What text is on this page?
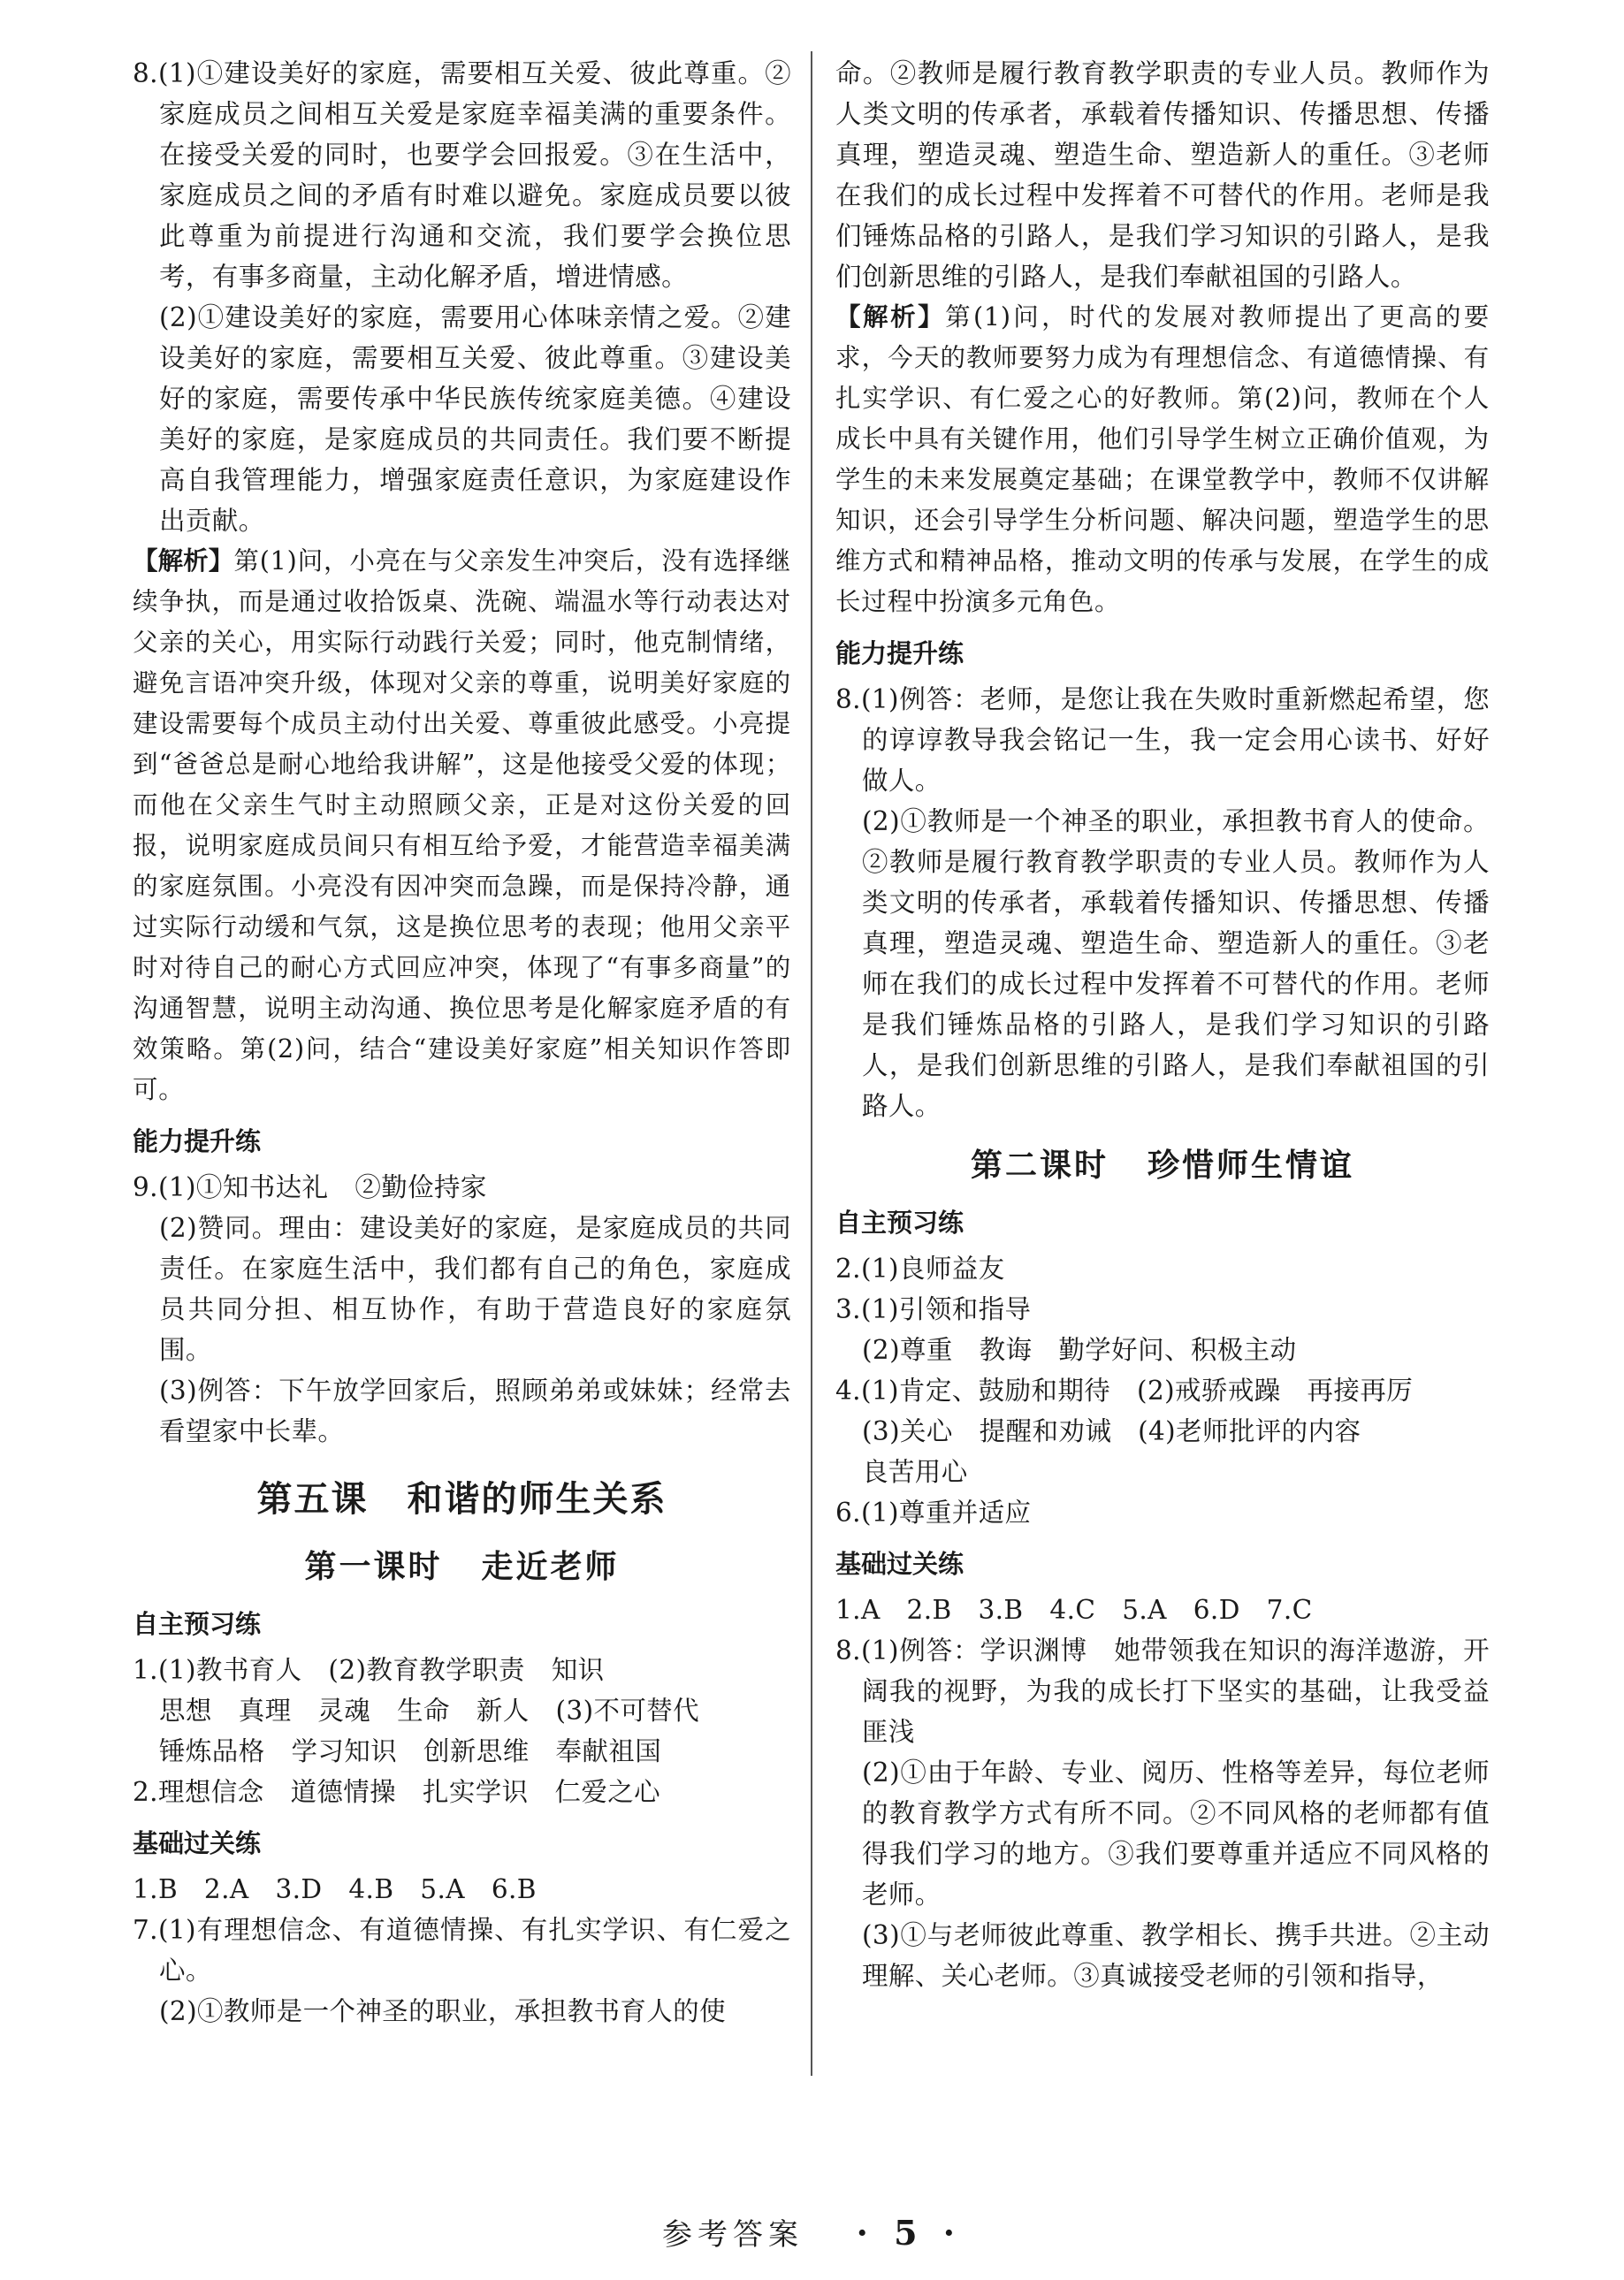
8.(1)①建设美好的家庭，需要相互关爱、彼此尊重。②家庭成员之间相互关爱是家庭幸福美满的重要条件。在接受关爱的同时，也要学会回报爱。③在生活中，家庭成员之间的矛盾有时难以避免。家庭成员要以彼此尊重为前提进行沟通和交流，我们要学会换位思考，有事多商量，主动化解矛盾，增进情感。

(2)①建设美好的家庭，需要用心体味亲情之爱。②建设美好的家庭，需要相互关爱、彼此尊重。③建设美好的家庭，需要传承中华民族传统家庭美德。④建设美好的家庭，是家庭成员的共同责任。我们要不断提高自我管理能力，增强家庭责任意识，为家庭建设作出贡献。

【解析】第(1)问，小亮在与父亲发生冲突后，没有选择继续争执，而是通过收拾饭桌、洗碗、端温水等行动表达对父亲的关心，用实际行动践行关爱；同时，他克制情绪，避免言语冲突升级，体现对父亲的尊重，说明美好家庭的建设需要每个成员主动付出关爱、尊重彼此感受。小亮提到“爸爸总是耐心地给我讲解”，这是他接受父爱的体现；而他在父亲生气时主动照顾父亲，正是对这份关爱的回报，说明家庭成员间只有相互给予爱，才能营造幸福美满的家庭氛围。小亮没有因冲突而急躁，而是保持冷静，通过实际行动缓和气氛，这是换位思考的表现；他用父亲平时对待自己的耐心方式回应冲突，体现了“有事多商量”的沟通智慧，说明主动沟通、换位思考是化解家庭矛盾的有效策略。第(2)问，结合“建设美好家庭”相关知识作答即可。

能力提升练

9.(1)①知书达礼　②勤俭持家

(2)赞同。理由：建设美好的家庭，是家庭成员的共同责任。在家庭生活中，我们都有自己的角色，家庭成员共同分担、相互协作，有助于营造良好的家庭氛围。

(3)例答：下午放学回家后，照顾弟弟或妹妹；经常去看望家中长辈。

第五课 和谐的师生关系
第一课时 走近老师
自主预习练

1.(1)教书育人　(2)教育教学职责　知识

思想　真理　灵魂　生命　新人　(3)不可替代

锤炼品格　学习知识　创新思维　奉献祖国

2.理想信念　道德情操　扎实学识　仁爱之心

基础过关练

1.B　2.A　3.D　4.B　5.A　6.B

7.(1)有理想信念、有道德情操、有扎实学识、有仁爱之心。

(2)①教师是一个神圣的职业，承担教书育人的使

命。②教师是履行教育教学职责的专业人员。教师作为人类文明的传承者，承载着传播知识、传播思想、传播真理，塑造灵魂、塑造生命、塑造新人的重任。③老师在我们的成长过程中发挥着不可替代的作用。老师是我们锤炼品格的引路人，是我们学习知识的引路人，是我们创新思维的引路人，是我们奉献祖国的引路人。

【解析】第(1)问，时代的发展对教师提出了更高的要求，今天的教师要努力成为有理想信念、有道德情操、有扎实学识、有仁爱之心的好教师。第(2)问，教师在个人成长中具有关键作用，他们引导学生树立正确价值观，为学生的未来发展奠定基础；在课堂教学中，教师不仅讲解知识，还会引导学生分析问题、解决问题，塑造学生的思维方式和精神品格，推动文明的传承与发展，在学生的成长过程中扮演多元角色。

能力提升练

8.(1)例答：老师，是您让我在失败时重新燃起希望，您的谆谆教导我会铭记一生，我一定会用心读书、好好做人。

(2)①教师是一个神圣的职业，承担教书育人的使命。②教师是履行教育教学职责的专业人员。教师作为人类文明的传承者，承载着传播知识、传播思想、传播真理，塑造灵魂、塑造生命、塑造新人的重任。③老师在我们的成长过程中发挥着不可替代的作用。老师是我们锤炼品格的引路人，是我们学习知识的引路人，是我们创新思维的引路人，是我们奉献祖国的引路人。

第二课时 珍惜师生情谊
自主预习练

2.(1)良师益友

3.(1)引领和指导

(2)尊重　教诲　勤学好问、积极主动

4.(1)肯定、鼓励和期待　(2)戒骄戒躁　再接再厉

(3)关心　提醒和劝诫　(4)老师批评的内容

良苦用心

6.(1)尊重并适应

基础过关练

1.A　2.B　3.B　4.C　5.A　6.D　7.C

8.(1)例答：学识渊博　她带领我在知识的海洋遨游，开阔我的视野，为我的成长打下坚实的基础，让我受益匪浅

(2)①由于年龄、专业、阅历、性格等差异，每位老师的教育教学方式有所不同。②不同风格的老师都有值得我们学习的地方。③我们要尊重并适应不同风格的老师。

(3)①与老师彼此尊重、教学相长、携手共进。②主动理解、关心老师。③真诚接受老师的引领和指导，

参考答案 · 5 ·
